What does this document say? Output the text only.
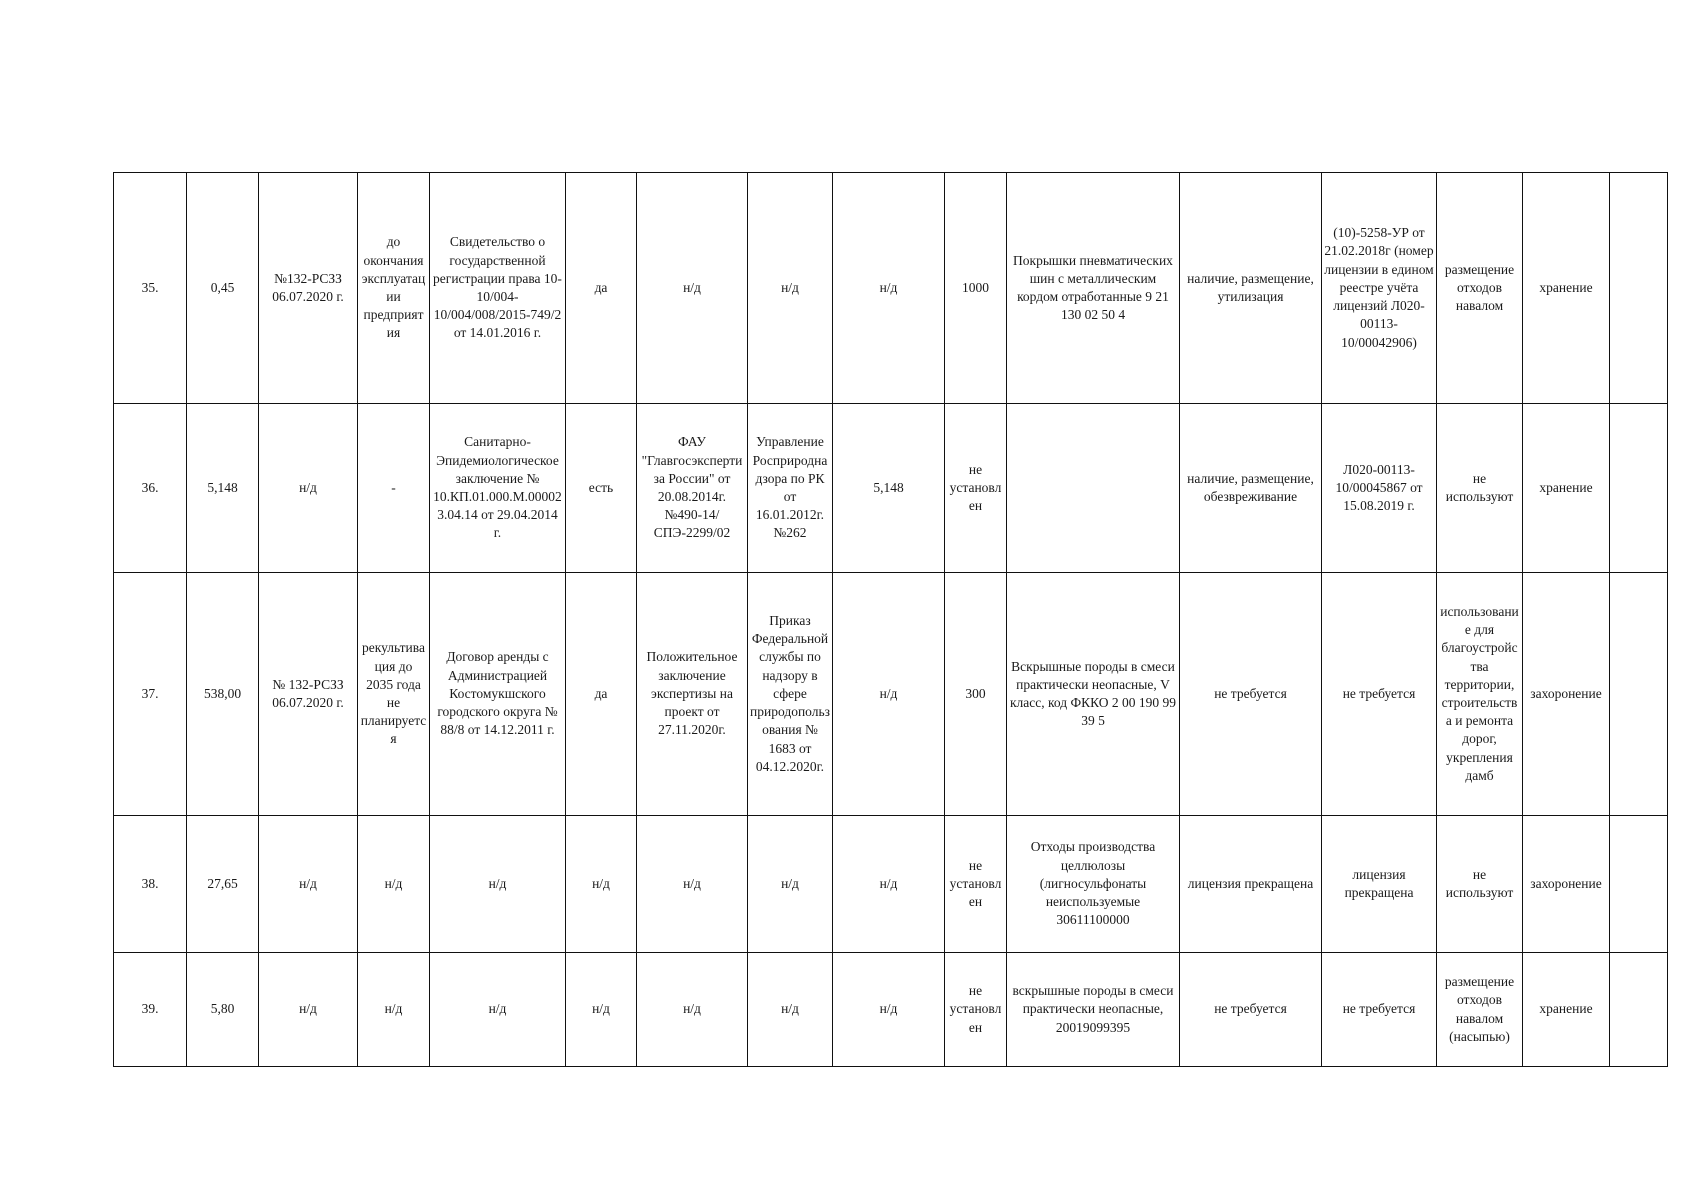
35.	0,45	№132-РСЗЗ 06.07.2020 г.	до окончания эксплуатации предприятия	Свидетельство о государственной регистрации права 10-10/004-10/004/008/2015-749/2 от 14.01.2016 г.	да	н/д	н/д	н/д	1000	Покрышки пневматических шин с металлическим кордом отработанные 9 21 130 02 50 4	наличие, размещение, утилизация	(10)-5258-УР от 21.02.2018г (номер лицензии в едином реестре учёта лицензий Л020-00113-10/00042906)	размещение отходов навалом	хранение	
36.	5,148	н/д	-	Санитарно-Эпидемиологическое заключение № 10.КП.01.000.М.000023.04.14 от 29.04.2014 г.	есть	ФАУ "Главгосэкспертиза России" от 20.08.2014г. №490-14/СПЭ-2299/02	Управление Росприроднадзора по РК от 16.01.2012г. №262	5,148	не установлен		наличие, размещение, обезвреживание	Л020-00113-10/00045867 от 15.08.2019 г.	не используют	хранение	
37.	538,00	№ 132-РСЗЗ 06.07.2020 г.	рекультивация до 2035 года не планируется	Договор аренды с Администрацией Костомукшского городского округа № 88/8 от 14.12.2011 г.	да	Положительное заключение экспертизы на проект от 27.11.2020г.	Приказ Федеральной службы по надзору в сфере природопользования № 1683 от 04.12.2020г.	н/д	300	Вскрышные породы в смеси практически неопасные, V класс, код ФККО 2 00 190 99 39 5	не требуется	не требуется	использование для благоустройства территории, строительства и ремонта дорог, укрепления дамб	захоронение	
38.	27,65	н/д	н/д	н/д	н/д	н/д	н/д	н/д	не установлен	Отходы производства целлюлозы (лигносульфонаты неиспользуемые 30611100000	лицензия прекращена	лицензия прекращена	не используют	захоронение	
39.	5,80	н/д	н/д	н/д	н/д	н/д	н/д	н/д	не установлен	вскрышные породы в смеси практически неопасные, 20019099395	не требуется	не требуется	размещение отходов навалом (насыпью)	хранение	
